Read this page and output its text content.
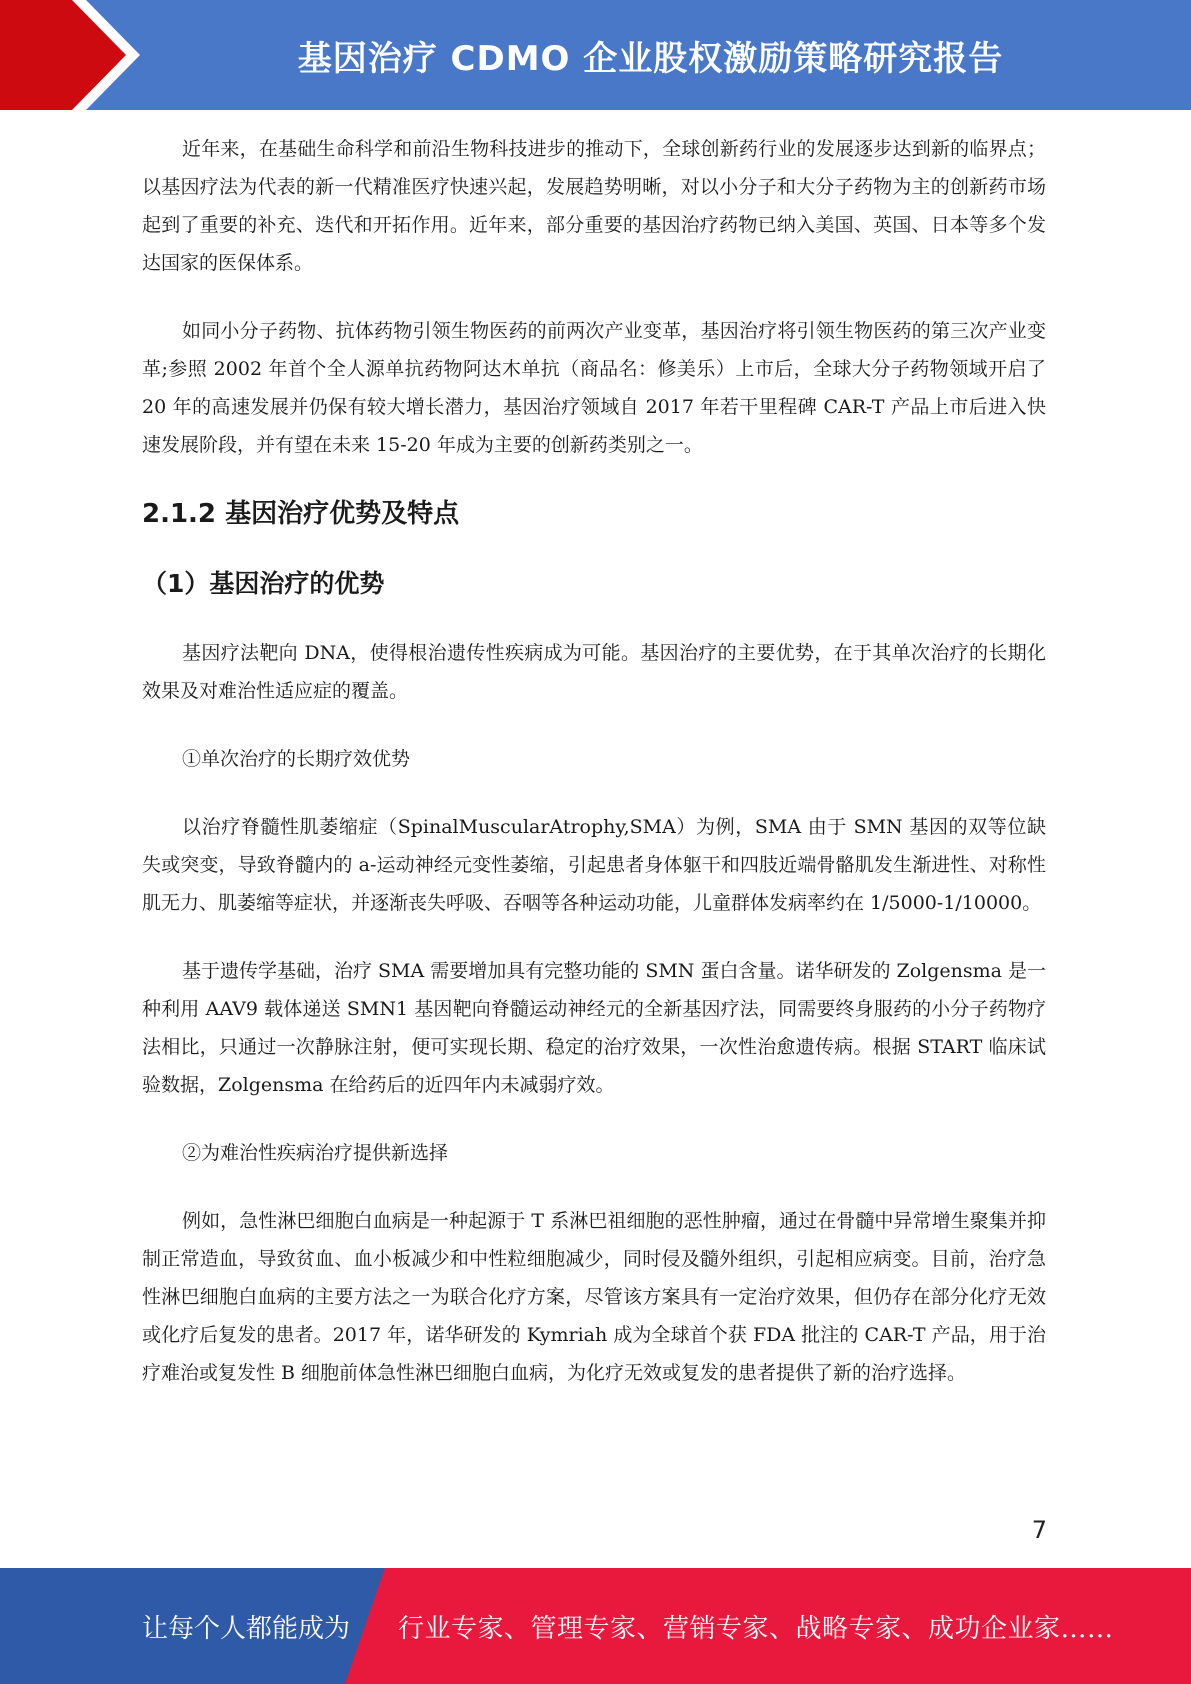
基因治疗 CDMO 企业股权激励策略研究报告

近年来，在基础生命科学和前沿生物科技进步的推动下，全球创新药行业的发展逐步达到新的临界点；以基因疗法为代表的新一代精准医疗快速兴起，发展趋势明晰，对以小分子和大分子药物为主的创新药市场起到了重要的补充、迭代和开拓作用。近年来，部分重要的基因治疗药物已纳入美国、英国、日本等多个发达国家的医保体系。

如同小分子药物、抗体药物引领生物医药的前两次产业变革，基因治疗将引领生物医药的第三次产业变革;参照 2002 年首个全人源单抗药物阿达木单抗（商品名：修美乐）上市后，全球大分子药物领域开启了 20 年的高速发展并仍保有较大增长潜力，基因治疗领域自 2017 年若干里程碑 CAR-T 产品上市后进入快速发展阶段，并有望在未来 15-20 年成为主要的创新药类别之一。

2.1.2 基因治疗优势及特点
（1）基因治疗的优势

基因疗法靶向 DNA，使得根治遗传性疾病成为可能。基因治疗的主要优势，在于其单次治疗的长期化效果及对难治性适应症的覆盖。

①单次治疗的长期疗效优势

以治疗脊髓性肌萎缩症（SpinalMuscularAtrophy,SMA）为例，SMA 由于 SMN 基因的双等位缺失或突变，导致脊髓内的 a-运动神经元变性萎缩，引起患者身体躯干和四肢近端骨骼肌发生渐进性、对称性肌无力、肌萎缩等症状，并逐渐丧失呼吸、吞咽等各种运动功能，儿童群体发病率约在 1/5000-1/10000。

基于遗传学基础，治疗 SMA 需要增加具有完整功能的 SMN 蛋白含量。诺华研发的 Zolgensma 是一种利用 AAV9 载体递送 SMN1 基因靶向脊髓运动神经元的全新基因疗法，同需要终身服药的小分子药物疗法相比，只通过一次静脉注射，便可实现长期、稳定的治疗效果，一次性治愈遗传病。根据 START 临床试验数据，Zolgensma 在给药后的近四年内未减弱疗效。

②为难治性疾病治疗提供新选择

例如，急性淋巴细胞白血病是一种起源于 T 系淋巴祖细胞的恶性肿瘤，通过在骨髓中异常增生聚集并抑制正常造血，导致贫血、血小板减少和中性粒细胞减少，同时侵及髓外组织，引起相应病变。目前，治疗急性淋巴细胞白血病的主要方法之一为联合化疗方案，尽管该方案具有一定治疗效果，但仍存在部分化疗无效或化疗后复发的患者。2017 年，诺华研发的 Kymriah 成为全球首个获 FDA 批注的 CAR-T 产品，用于治疗难治或复发性 B 细胞前体急性淋巴细胞白血病，为化疗无效或复发的患者提供了新的治疗选择。

7
让每个人都能成为 行业专家、管理专家、营销专家、战略专家、成功企业家……
